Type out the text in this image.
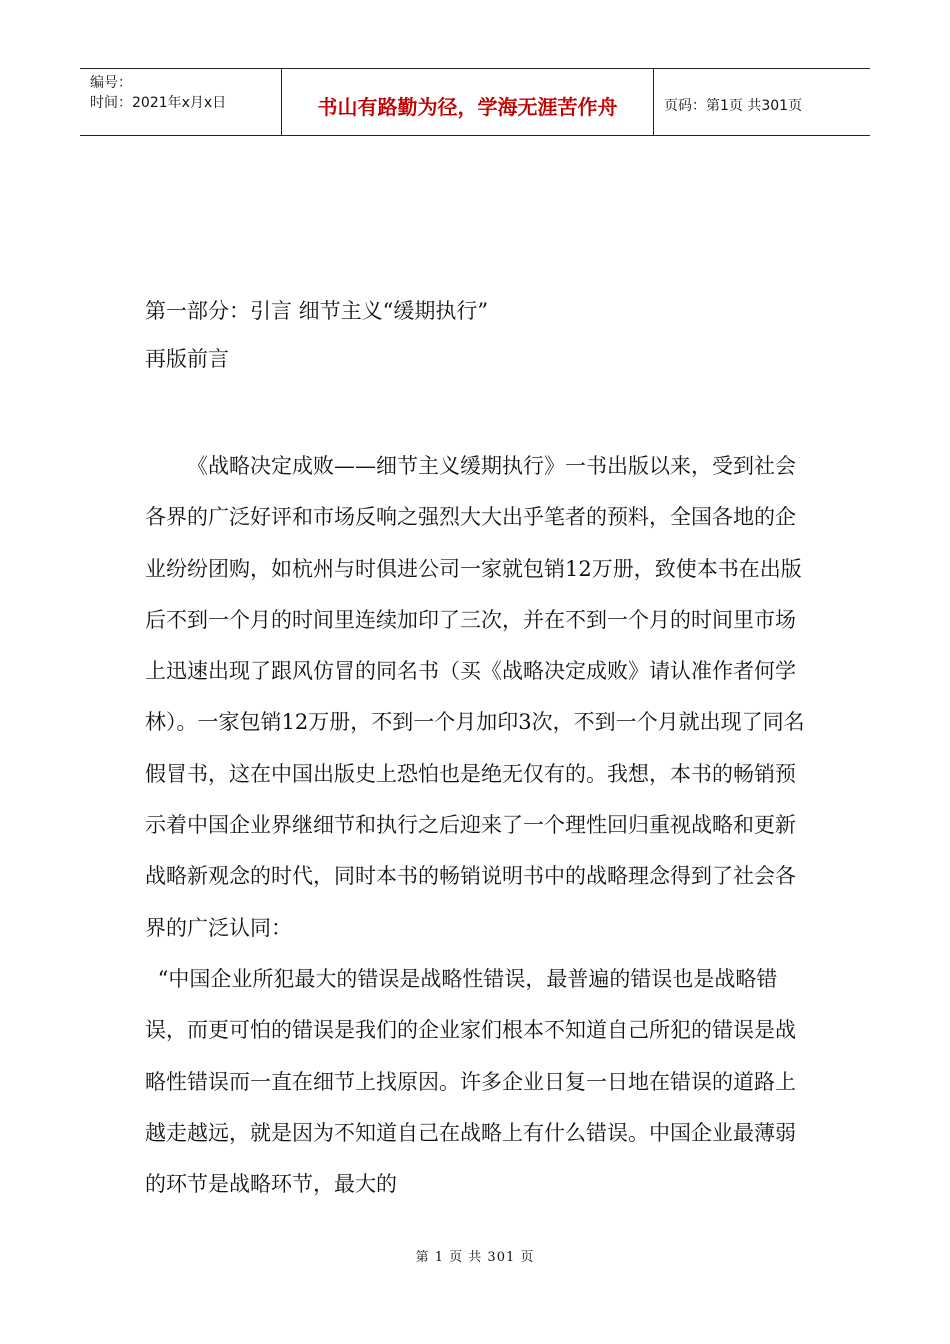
编号：
时间：2021年x月x日	书山有路勤为径，学海无涯苦作舟	页码：第1页 共301页
第一部分：引言 细节主义“缓期执行”
再版前言

《战略决定成败——细节主义缓期执行》一书出版以来，受到社会各界的广泛好评和市场反响之强烈大大出乎笔者的预料，全国各地的企业纷纷团购，如杭州与时俱进公司一家就包销12万册，致使本书在出版后不到一个月的时间里连续加印了三次，并在不到一个月的时间里市场上迅速出现了跟风仿冒的同名书（买《战略决定成败》请认准作者何学林）。一家包销12万册，不到一个月加印3次，不到一个月就出现了同名假冒书，这在中国出版史上恐怕也是绝无仅有的。我想，本书的畅销预示着中国企业界继细节和执行之后迎来了一个理性回归重视战略和更新战略新观念的时代，同时本书的畅销说明书中的战略理念得到了社会各界的广泛认同：

“中国企业所犯最大的错误是战略性错误，最普遍的错误也是战略错误，而更可怕的错误是我们的企业家们根本不知道自己所犯的错误是战略性错误而一直在细节上找原因。许多企业日复一日地在错误的道路上越走越远，就是因为不知道自己在战略上有什么错误。中国企业最薄弱的环节是战略环节，最大的

第 1 页 共 301 页
